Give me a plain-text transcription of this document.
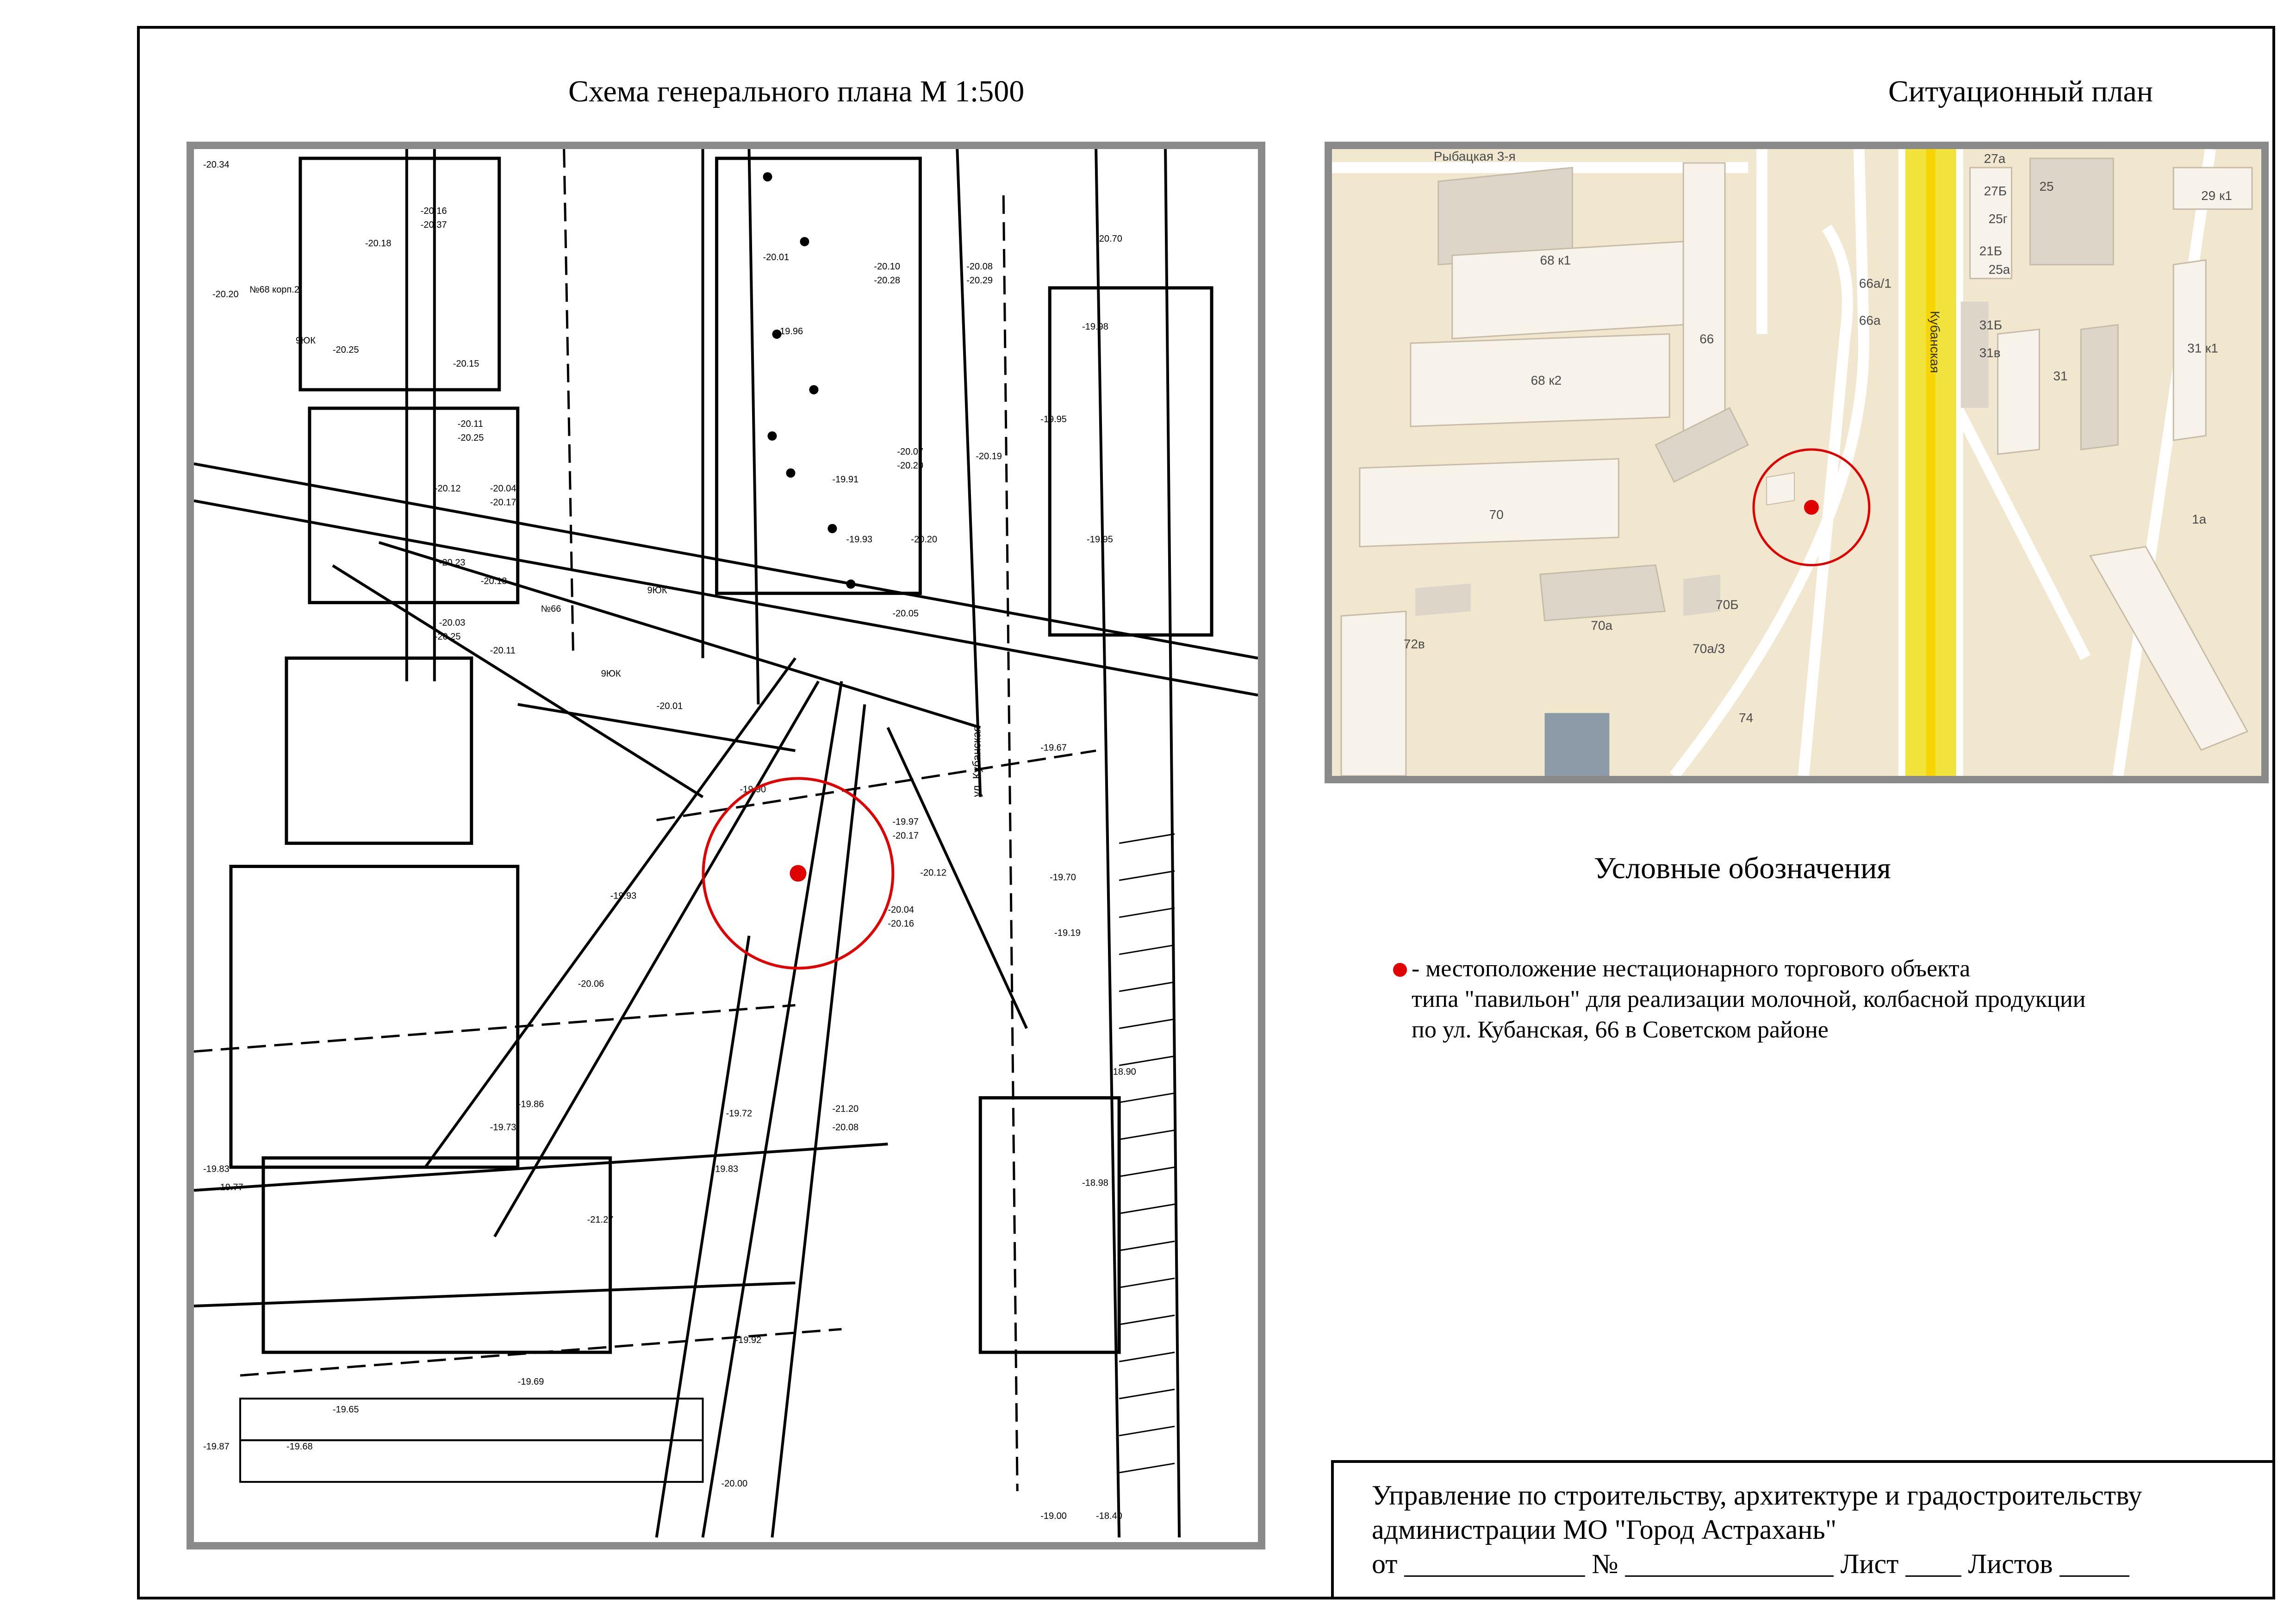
Схема генерального плана М 1:500	Ситуационный план
-20.34
-20.20
-20.16
-20.37
-20.18
-20.25
-20.15
-20.11
-20.25
-20.12	-20.04
-20.17
-20.23
-20.13
-20.03
-20.25
-20.11
-20.01
-19.90
-19.93
-20.06
-19.86
-19.73
-19.83
-19.77
-21.27
-19.69
-19.65
-19.68
-19.87
-19.96
-20.01
-20.10
-20.28
-20.08
-20.29
-20.07
-20.20
-20.19
-19.93	-20.20
-19.95
-19.91
-19.98
-20.05
-19.95
-20.70
-19.67
-19.97
-20.17
-20.12	-19.70
-20.04
-20.16
-19.19
-18.90
-18.98
-19.00	-18.40
-19.72
-19.83
-19.92
-20.00
-20.08
-21.20
№68 корп.2
№66
9ЮК
9ЮК
9ЮК
ул. Кубанская
Рыбацкая 3-я	27а
27Б	25
25г
21Б
25а
29 к1
66а/1
66а	31Б
31в
31
31 к1
68 к1
68 к2
66
70
70а
70Б
70а/3
72в
74
1а
Кубанская
Условные обозначения
- местоположение нестационарного торгового объекта
типа "павильон" для реализации молочной, колбасной продукции
по ул. Кубанская, 66 в Советском районе
Управление по строительству, архитектуре и градостроительству
администрации МО "Город Астрахань"
от _____________ № _______________ Лист ____ Листов _____
